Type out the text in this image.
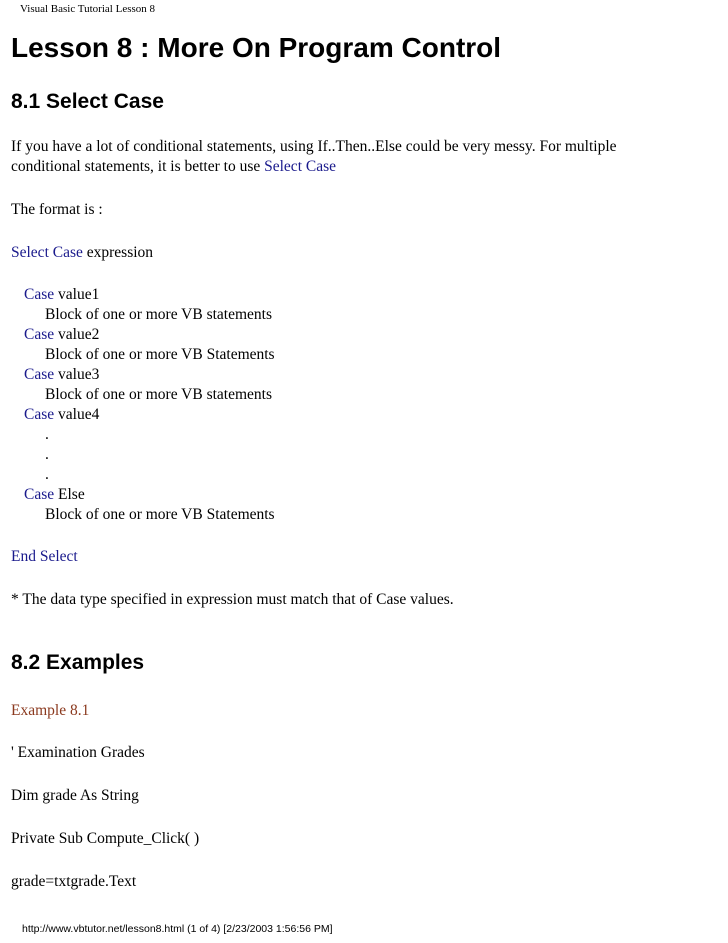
Visual Basic Tutorial Lesson 8
Lesson 8 : More On Program Control
8.1 Select Case
If you have a lot of conditional statements, using If..Then..Else could be very messy. For multiple
conditional statements, it is better to use Select Case
The format is :
Select Case expression
Case value1
Block of one or more VB statements
Case value2
Block of one or more VB Statements
Case value3
Block of one or more VB statements
Case value4
.
.
.
Case Else
Block of one or more VB Statements
End Select
* The data type specified in expression must match that of Case values.
8.2 Examples
Example 8.1
' Examination Grades
Dim grade As String
Private Sub Compute_Click( )
grade=txtgrade.Text
http://www.vbtutor.net/lesson8.html (1 of 4) [2/23/2003 1:56:56 PM]
